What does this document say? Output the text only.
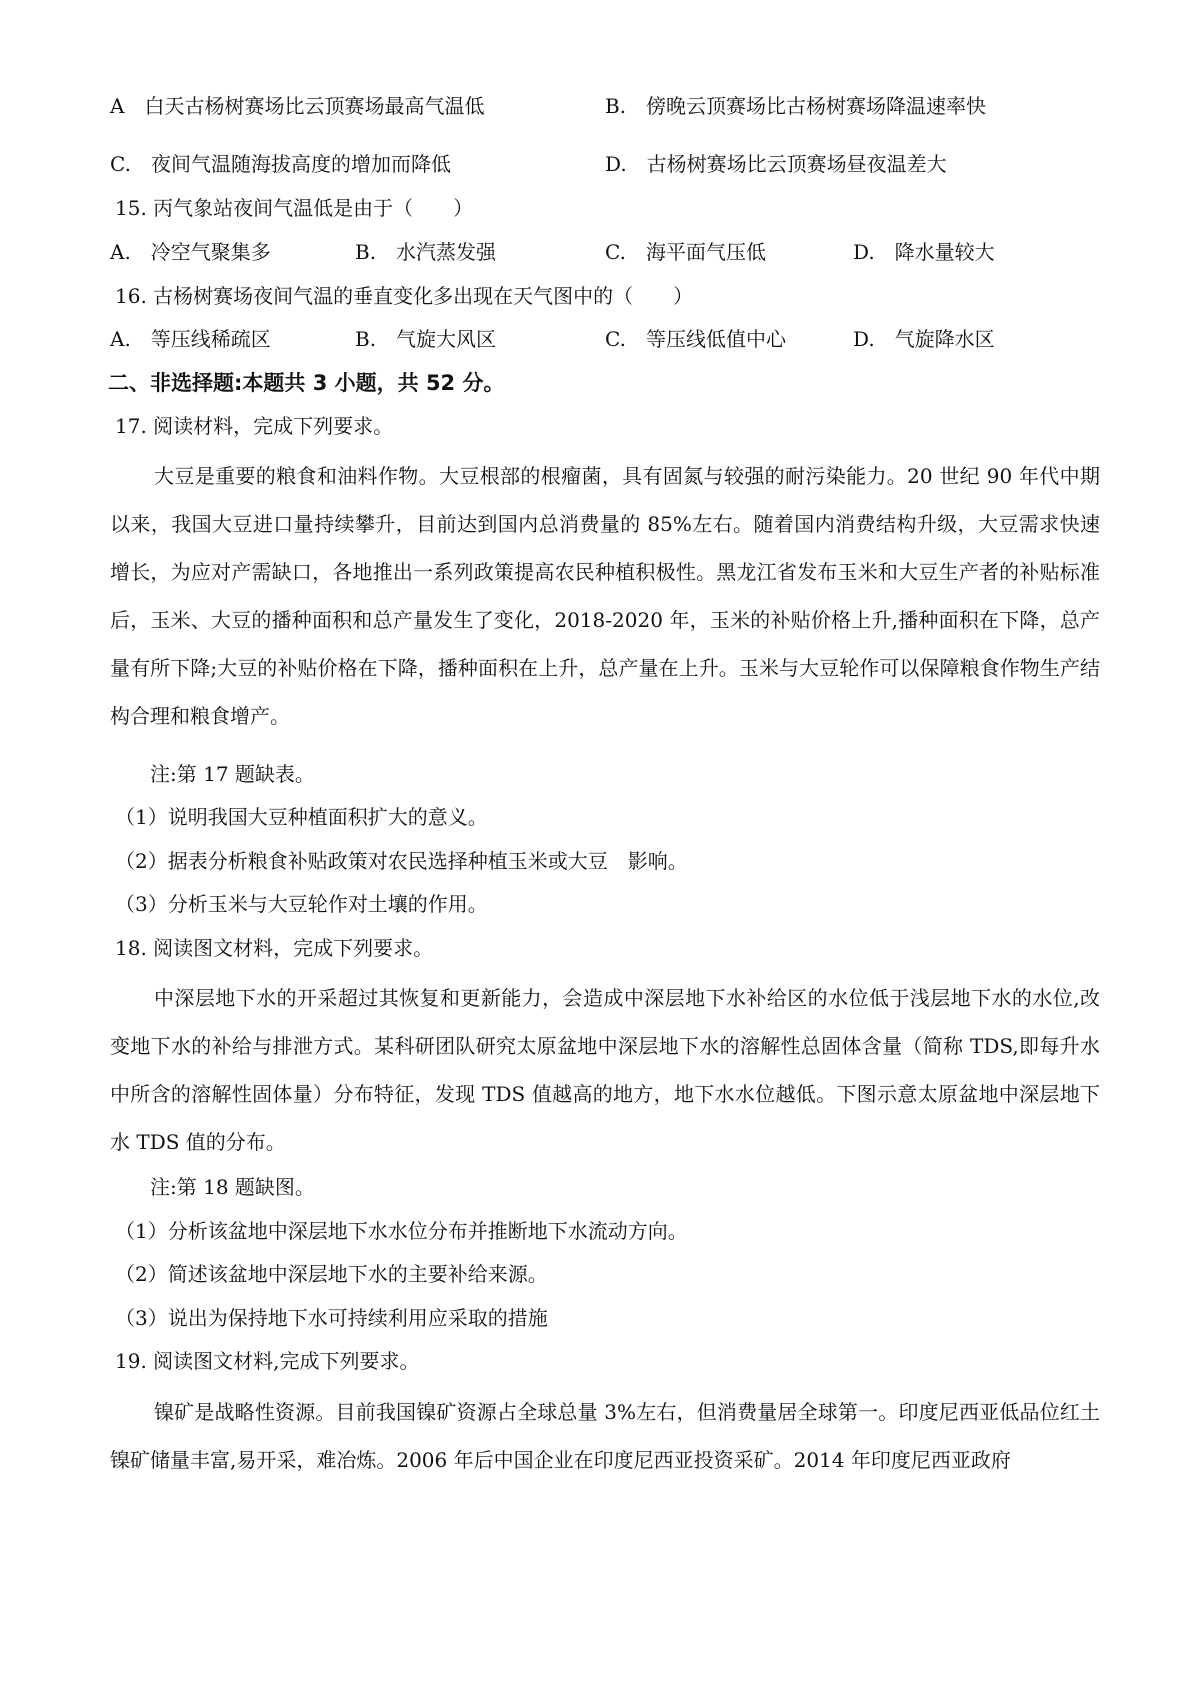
A　白天古杨树赛场比云顶赛场最高气温低	B.　傍晚云顶赛场比古杨树赛场降温速率快
C.　夜间气温随海拔高度的增加而降低	D.　古杨树赛场比云顶赛场昼夜温差大
15. 丙气象站夜间气温低是由于（　　）
A.　冷空气聚集多	B.　水汽蒸发强	C.　海平面气压低	D.　降水量较大
16. 古杨树赛场夜间气温的垂直变化多出现在天气图中的（　　）
A.　等压线稀疏区	B.　气旋大风区	C.　等压线低值中心	D.　气旋降水区
二、非选择题:本题共 3 小题，共 52 分。
17. 阅读材料，完成下列要求。
大豆是重要的粮食和油料作物。大豆根部的根瘤菌，具有固氮与较强的耐污染能力。20 世纪 90 年代中期以来，我国大豆进口量持续攀升，目前达到国内总消费量的 85%左右。随着国内消费结构升级，大豆需求快速增长，为应对产需缺口，各地推出一系列政策提高农民种植积极性。黑龙江省发布玉米和大豆生产者的补贴标准后，玉米、大豆的播种面积和总产量发生了变化，2018-2020 年，玉米的补贴价格上升,播种面积在下降，总产量有所下降;大豆的补贴价格在下降，播种面积在上升，总产量在上升。玉米与大豆轮作可以保障粮食作物生产结构合理和粮食增产。
注:第 17 题缺表。
（1）说明我国大豆种植面积扩大的意义。
（2）据表分析粮食补贴政策对农民选择种植玉米或大豆　影响。
（3）分析玉米与大豆轮作对土壤的作用。
18. 阅读图文材料，完成下列要求。
中深层地下水的开采超过其恢复和更新能力，会造成中深层地下水补给区的水位低于浅层地下水的水位,改变地下水的补给与排泄方式。某科研团队研究太原盆地中深层地下水的溶解性总固体含量（简称 TDS,即每升水中所含的溶解性固体量）分布特征，发现 TDS 值越高的地方，地下水水位越低。下图示意太原盆地中深层地下水 TDS 值的分布。
注:第 18 题缺图。
（1）分析该盆地中深层地下水水位分布并推断地下水流动方向。
（2）简述该盆地中深层地下水的主要补给来源。
（3）说出为保持地下水可持续利用应采取的措施
19. 阅读图文材料,完成下列要求。
镍矿是战略性资源。目前我国镍矿资源占全球总量 3%左右，但消费量居全球第一。印度尼西亚低品位红土镍矿储量丰富,易开采，难冶炼。2006 年后中国企业在印度尼西亚投资采矿。2014 年印度尼西亚政府
